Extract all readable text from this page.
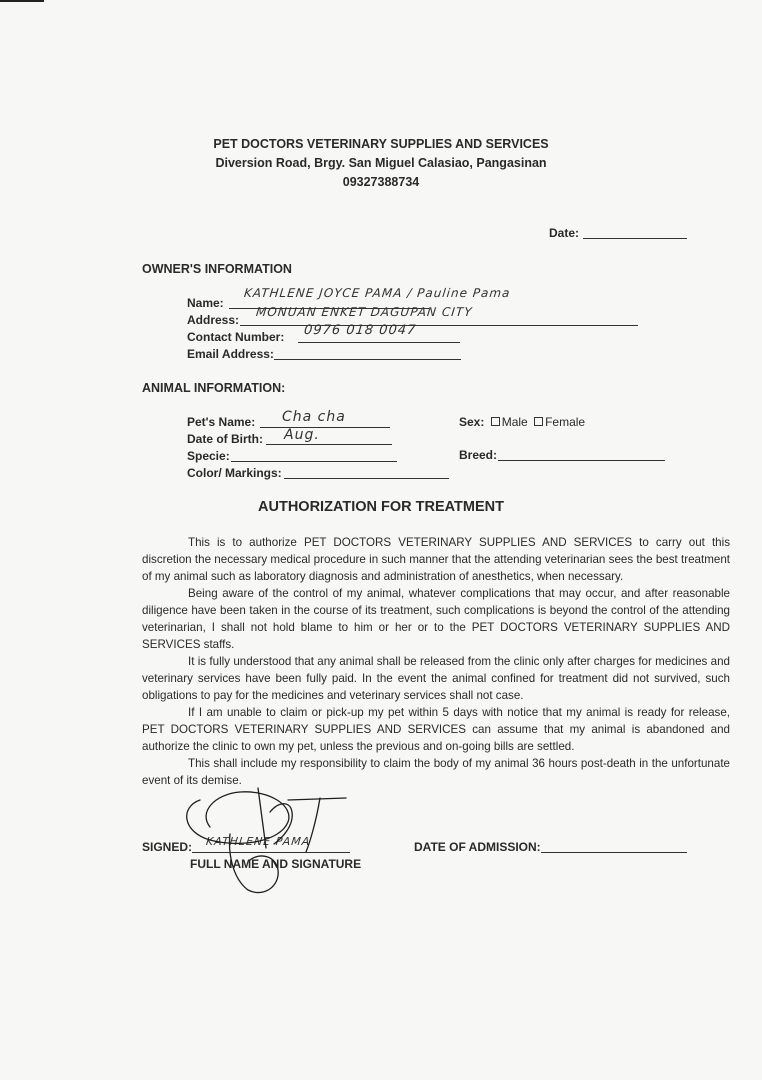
PET DOCTORS VETERINARY SUPPLIES AND SERVICES
Diversion Road, Brgy. San Miguel Calasiao, Pangasinan
09327388734
Date:
OWNER'S INFORMATION
Name:
KATHLENE JOYCE PAMA / Pauline Pama
Address:
MONUAN ENKET DAGUPAN CITY
Contact Number: 0976 018 0047
Email Address:
ANIMAL INFORMATION:
Pet's Name: Cha cha
Date of Birth: Aug.
Specie:
Color/ Markings:
Sex: Male Female
Breed:
AUTHORIZATION FOR TREATMENT

This is to authorize PET DOCTORS VETERINARY SUPPLIES AND SERVICES to carry out this discretion the necessary medical procedure in such manner that the attending veterinarian sees the best treatment of my animal such as laboratory diagnosis and administration of anesthetics, when necessary.

Being aware of the control of my animal, whatever complications that may occur, and after reasonable diligence have been taken in the course of its treatment, such complications is beyond the control of the attending veterinarian, I shall not hold blame to him or her or to the PET DOCTORS VETERINARY SUPPLIES AND SERVICES staffs.

It is fully understood that any animal shall be released from the clinic only after charges for medicines and veterinary services have been fully paid. In the event the animal confined for treatment did not survived, such obligations to pay for the medicines and veterinary services shall not case.

If I am unable to claim or pick-up my pet within 5 days with notice that my animal is ready for release, PET DOCTORS VETERINARY SUPPLIES AND SERVICES can assume that my animal is abandoned and authorize the clinic to own my pet, unless the previous and on-going bills are settled.

This shall include my responsibility to claim the body of my animal 36 hours post-death in the unfortunate event of its demise.

SIGNED: KATHLENE PAMA
FULL NAME AND SIGNATURE
DATE OF ADMISSION:
